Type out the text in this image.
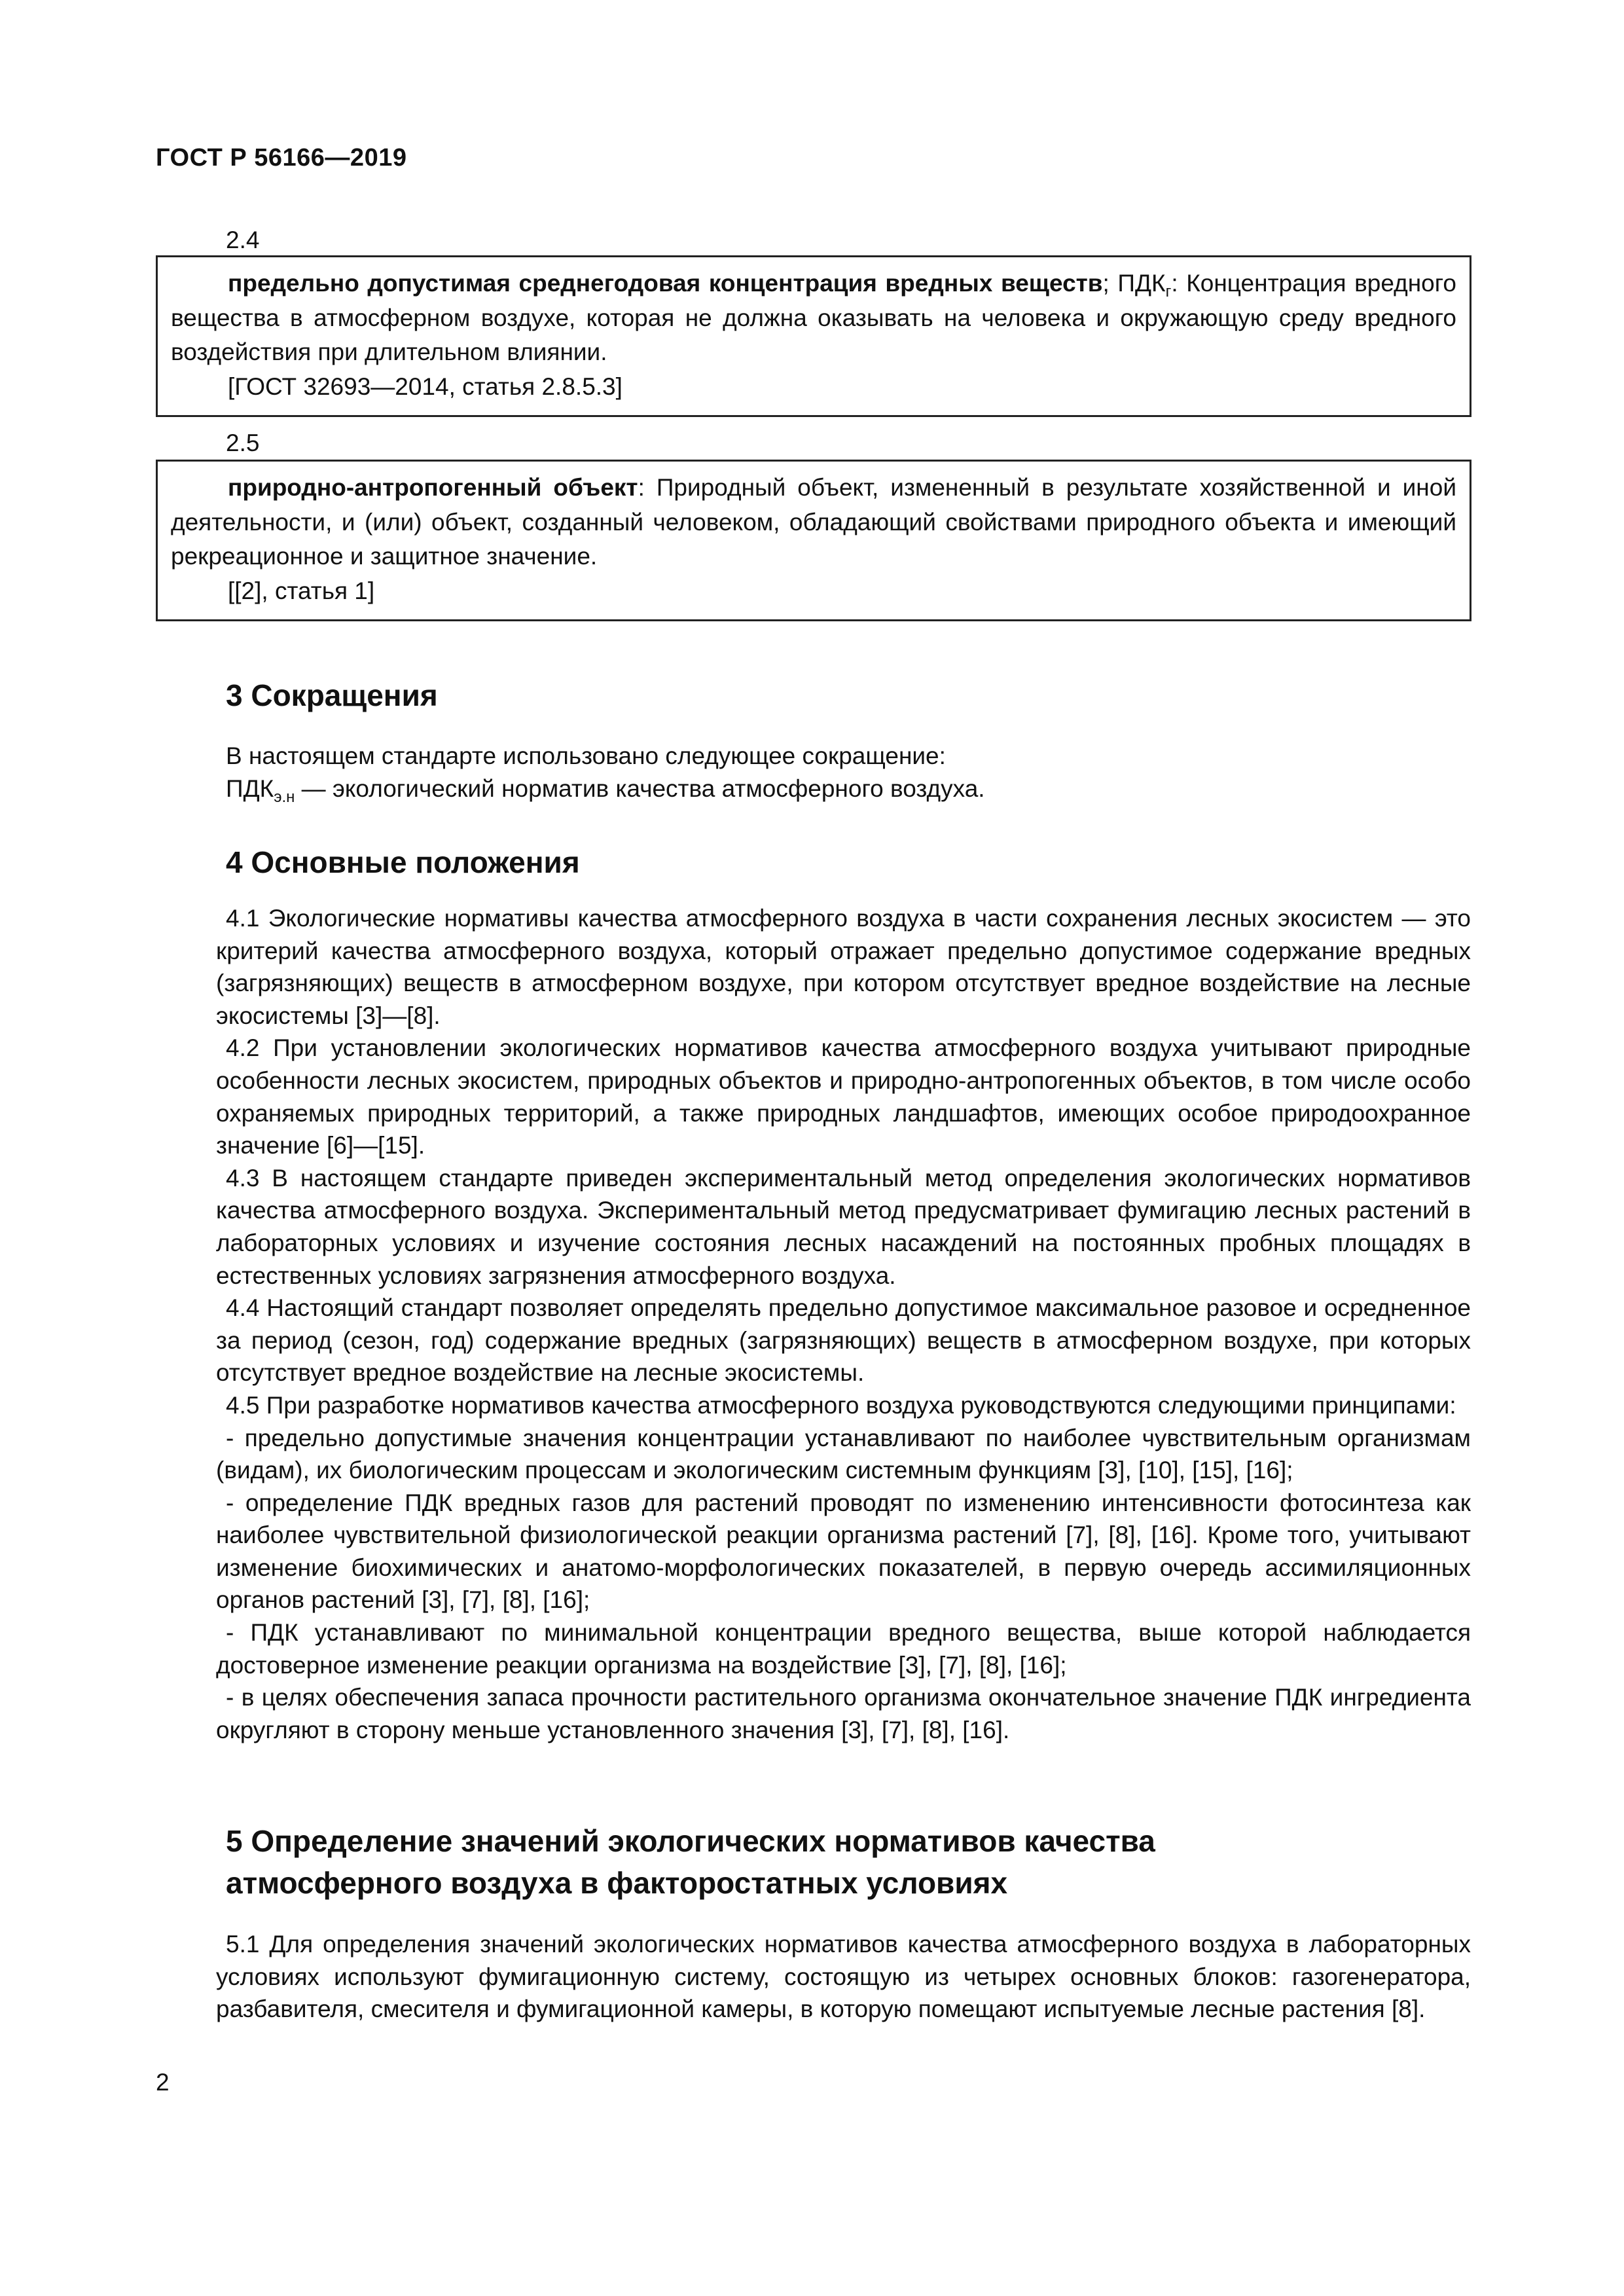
ГОСТ Р 56166—2019
2.4

предельно допустимая среднегодовая концентрация вредных веществ; $ПДК_г$: Концентрация вредного вещества в атмосферном воздухе, которая не должна оказывать на человека и окружающую среду вредного воздействия при длительном влиянии.

[ГОСТ 32693—2014, статья 2.8.5.3]

2.5

природно-антропогенный объект: Природный объект, измененный в результате хозяйственной и иной деятельности, и (или) объект, созданный человеком, обладающий свойствами природного объекта и имеющий рекреационное и защитное значение.

[[2], статья 1]

3 Сокращения
В настоящем стандарте использовано следующее сокращение:
$ПДК_{э.н}$ — экологический норматив качества атмосферного воздуха.
4 Основные положения

4.1 Экологические нормативы качества атмосферного воздуха в части сохранения лесных экосистем — это критерий качества атмосферного воздуха, который отражает предельно допустимое содержание вредных (загрязняющих) веществ в атмосферном воздухе, при котором отсутствует вредное воздействие на лесные экосистемы [3]—[8].

4.2 При установлении экологических нормативов качества атмосферного воздуха учитывают природные особенности лесных экосистем, природных объектов и природно-антропогенных объектов, в том числе особо охраняемых природных территорий, а также природных ландшафтов, имеющих особое природоохранное значение [6]—[15].

4.3 В настоящем стандарте приведен экспериментальный метод определения экологических нормативов качества атмосферного воздуха. Экспериментальный метод предусматривает фумигацию лесных растений в лабораторных условиях и изучение состояния лесных насаждений на постоянных пробных площадях в естественных условиях загрязнения атмосферного воздуха.

4.4 Настоящий стандарт позволяет определять предельно допустимое максимальное разовое и осредненное за период (сезон, год) содержание вредных (загрязняющих) веществ в атмосферном воздухе, при которых отсутствует вредное воздействие на лесные экосистемы.

4.5 При разработке нормативов качества атмосферного воздуха руководствуются следующими принципами:

- предельно допустимые значения концентрации устанавливают по наиболее чувствительным организмам (видам), их биологическим процессам и экологическим системным функциям [3], [10], [15], [16];

- определение ПДК вредных газов для растений проводят по изменению интенсивности фотосинтеза как наиболее чувствительной физиологической реакции организма растений [7], [8], [16]. Кроме того, учитывают изменение биохимических и анатомо-морфологических показателей, в первую очередь ассимиляционных органов растений [3], [7], [8], [16];

- ПДК устанавливают по минимальной концентрации вредного вещества, выше которой наблюдается достоверное изменение реакции организма на воздействие [3], [7], [8], [16];

- в целях обеспечения запаса прочности растительного организма окончательное значение ПДК ингредиента округляют в сторону меньше установленного значения [3], [7], [8], [16].

5 Определение значений экологических нормативов качества
атмосферного воздуха в факторостатных условиях

5.1 Для определения значений экологических нормативов качества атмосферного воздуха в лабораторных условиях используют фумигационную систему, состоящую из четырех основных блоков: газогенератора, разбавителя, смесителя и фумигационной камеры, в которую помещают испытуемые лесные растения [8].

2
